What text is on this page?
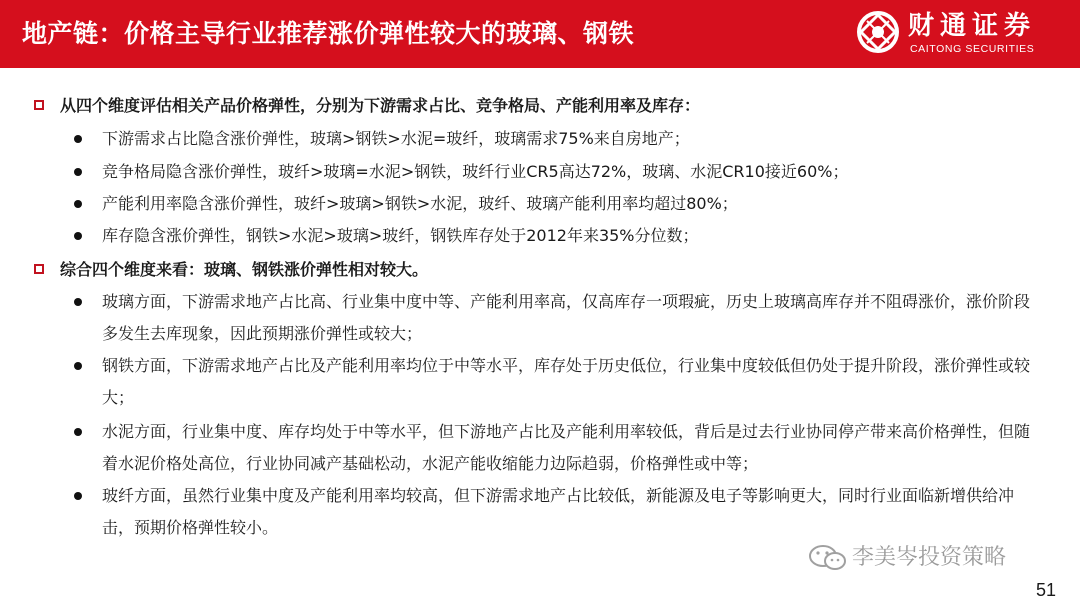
地产链：价格主导行业推荐涨价弹性较大的玻璃、钢铁	财通证券
CAITONG SECURITIES
从四个维度评估相关产品价格弹性，分别为下游需求占比、竞争格局、产能利用率及库存：
下游需求占比隐含涨价弹性，玻璃>钢铁>水泥=玻纤，玻璃需求75%来自房地产；
竞争格局隐含涨价弹性，玻纤>玻璃=水泥>钢铁，玻纤行业CR5高达72%，玻璃、水泥CR10接近60%；
产能利用率隐含涨价弹性，玻纤>玻璃>钢铁>水泥，玻纤、玻璃产能利用率均超过80%；
库存隐含涨价弹性，钢铁>水泥>玻璃>玻纤，钢铁库存处于2012年来35%分位数；
综合四个维度来看：玻璃、钢铁涨价弹性相对较大。
玻璃方面，下游需求地产占比高、行业集中度中等、产能利用率高，仅高库存一项瑕疵，历史上玻璃高库存并不阻碍涨价，涨价阶段多发生去库现象，因此预期涨价弹性或较大；
钢铁方面，下游需求地产占比及产能利用率均位于中等水平，库存处于历史低位，行业集中度较低但仍处于提升阶段，涨价弹性或较大；
水泥方面，行业集中度、库存均处于中等水平，但下游地产占比及产能利用率较低，背后是过去行业协同停产带来高价格弹性，但随着水泥价格处高位，行业协同减产基础松动，水泥产能收缩能力边际趋弱，价格弹性或中等；
玻纤方面，虽然行业集中度及产能利用率均较高，但下游需求地产占比较低，新能源及电子等影响更大，同时行业面临新增供给冲击，预期价格弹性较小。
李美岑投资策略
51
